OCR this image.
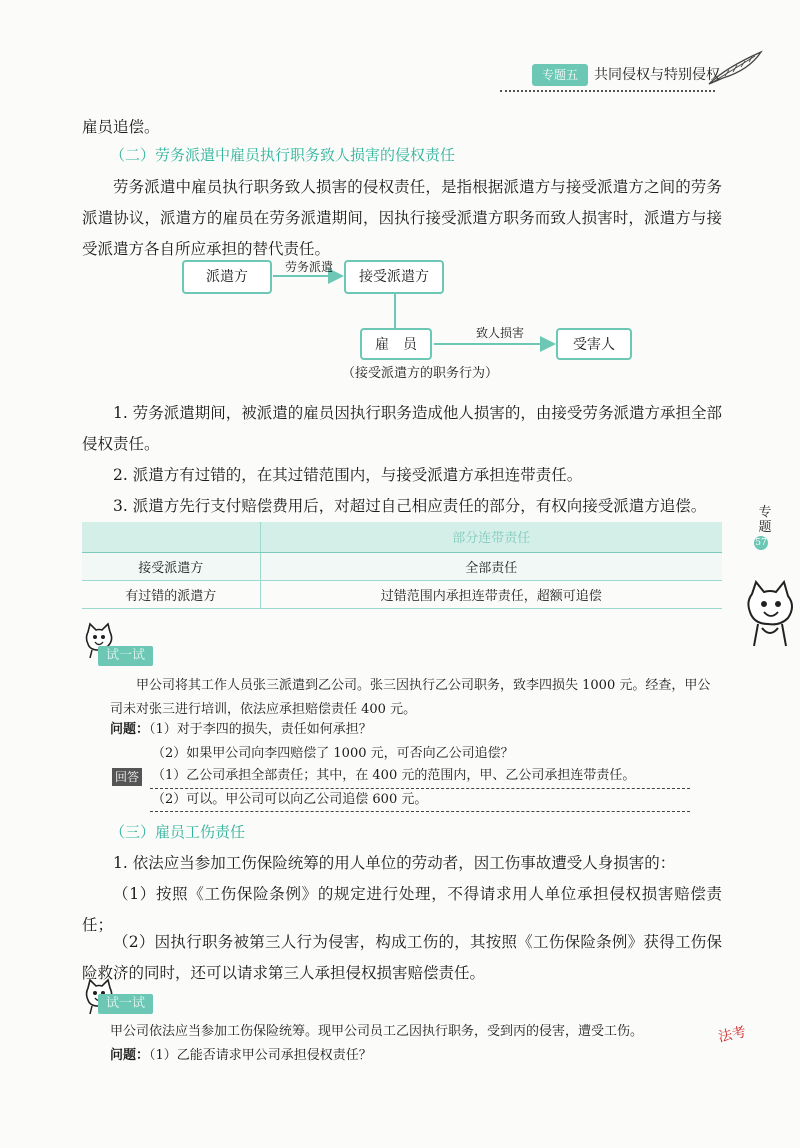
专题五	共同侵权与特别侵权
雇员追偿。
（二）劳务派遣中雇员执行职务致人损害的侵权责任
劳务派遣中雇员执行职务致人损害的侵权责任，是指根据派遣方与接受派遣方之间的劳务派遣协议，派遣方的雇员在劳务派遣期间，因执行接受派遣方职务而致人损害时，派遣方与接受派遣方各自所应承担的替代责任。
派遣方
劳务派遣
接受派遣方
雇　员
致人损害
受害人
（接受派遣方的职务行为）
1. 劳务派遣期间，被派遣的雇员因执行职务造成他人损害的，由接受劳务派遣方承担全部侵权责任。
2. 派遣方有过错的，在其过错范围内，与接受派遣方承担连带责任。
3. 派遣方先行支付赔偿费用后，对超过自己相应责任的部分，有权向接受派遣方追偿。
	部分连带责任
接受派遣方	全部责任
有过错的派遣方	过错范围内承担连带责任，超额可追偿
专题
57
试一试
甲公司将其工作人员张三派遣到乙公司。张三因执行乙公司职务，致李四损失 1000 元。经查，甲公司未对张三进行培训，依法应承担赔偿责任 400 元。
问题：（1）对于李四的损失，责任如何承担？
（2）如果甲公司向李四赔偿了 1000 元，可否向乙公司追偿？
回答 （1）乙公司承担全部责任；其中，在 400 元的范围内，甲、乙公司承担连带责任。
（2）可以。甲公司可以向乙公司追偿 600 元。
（三）雇员工伤责任
1. 依法应当参加工伤保险统筹的用人单位的劳动者，因工伤事故遭受人身损害的：
（1）按照《工伤保险条例》的规定进行处理，不得请求用人单位承担侵权损害赔偿责任；
（2）因执行职务被第三人行为侵害，构成工伤的，其按照《工伤保险条例》获得工伤保险救济的同时，还可以请求第三人承担侵权损害赔偿责任。
试一试
甲公司依法应当参加工伤保险统筹。现甲公司员工乙因执行职务，受到丙的侵害，遭受工伤。
问题：（1）乙能否请求甲公司承担侵权责任？
法考
